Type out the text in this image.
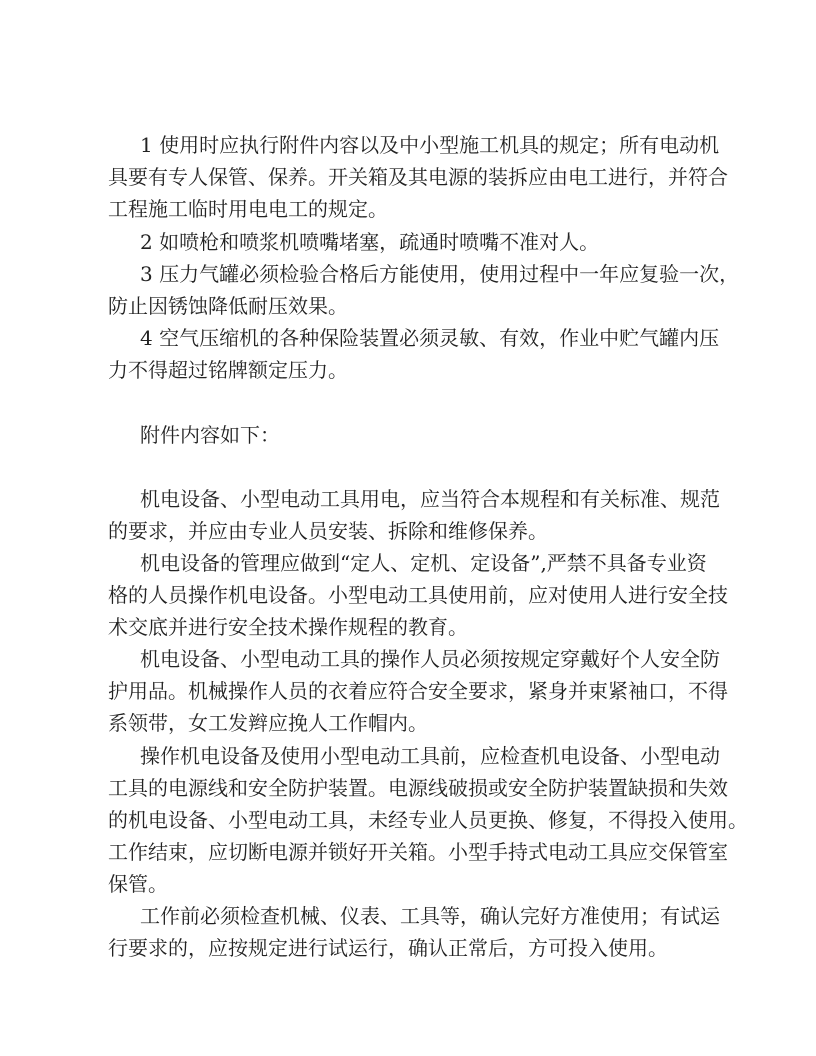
1 使用时应执行附件内容以及中小型施工机具的规定；所有电动机
具要有专人保管、保养。开关箱及其电源的装拆应由电工进行，并符合
工程施工临时用电电工的规定。
2 如喷枪和喷浆机喷嘴堵塞，疏通时喷嘴不准对人。
3 压力气罐必须检验合格后方能使用，使用过程中一年应复验一次，
防止因锈蚀降低耐压效果。
4 空气压缩机的各种保险装置必须灵敏、有效，作业中贮气罐内压
力不得超过铭牌额定压力。
附件内容如下：
机电设备、小型电动工具用电，应当符合本规程和有关标准、规范
的要求，并应由专业人员安装、拆除和维修保养。
机电设备的管理应做到“定人、定机、定设备”,严禁不具备专业资
格的人员操作机电设备。小型电动工具使用前，应对使用人进行安全技
术交底并进行安全技术操作规程的教育。
机电设备、小型电动工具的操作人员必须按规定穿戴好个人安全防
护用品。机械操作人员的衣着应符合安全要求，紧身并束紧袖口，不得
系领带，女工发辫应挽人工作帽内。
操作机电设备及使用小型电动工具前，应检查机电设备、小型电动
工具的电源线和安全防护装置。电源线破损或安全防护装置缺损和失效
的机电设备、小型电动工具，未经专业人员更换、修复，不得投入使用。
工作结束，应切断电源并锁好开关箱。小型手持式电动工具应交保管室
保管。
工作前必须检查机械、仪表、工具等，确认完好方准使用；有试运
行要求的，应按规定进行试运行，确认正常后，方可投入使用。
